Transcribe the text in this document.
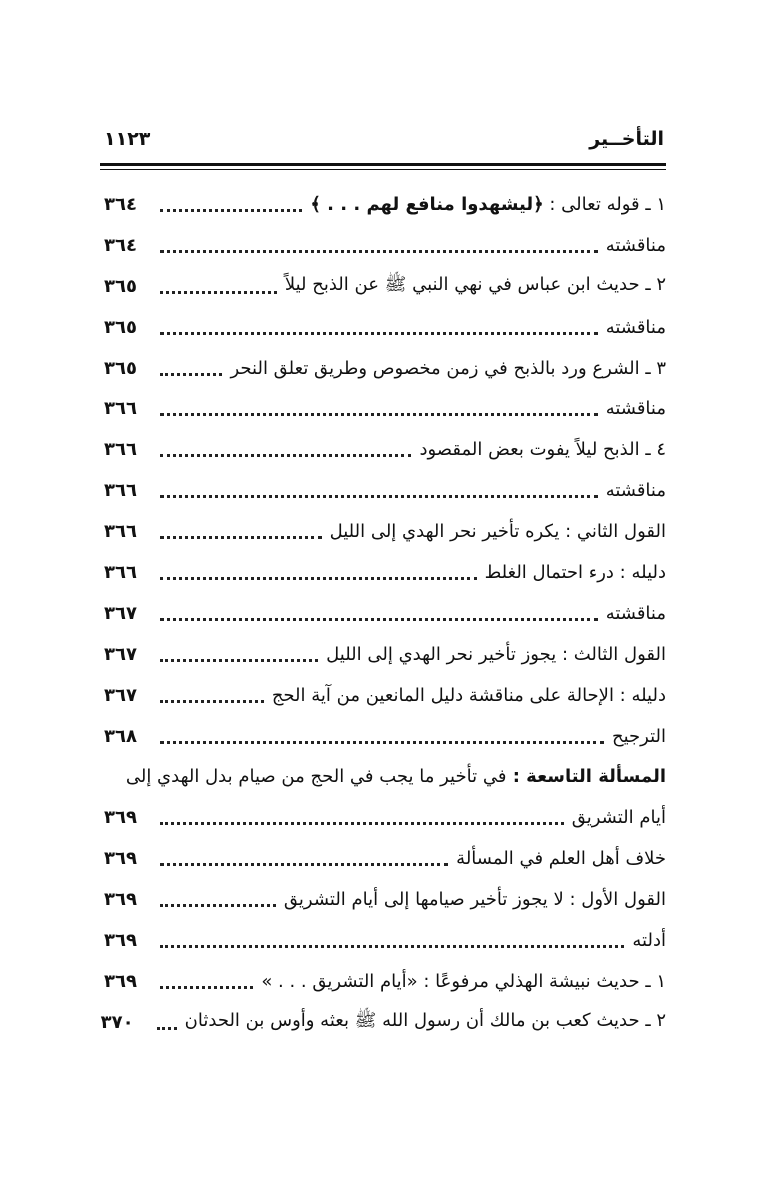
التأخــير
١١٢٣
١ ـ قوله تعالى : ﴿ليشهدوا منافع لهم . . . ﴾
٣٦٤
مناقشته
٣٦٤
٢ ـ حديث ابن عباس في نهي النبي ﷺ عن الذبح ليلاً
٣٦٥
مناقشته
٣٦٥
٣ ـ الشرع ورد بالذبح في زمن مخصوص وطريق تعلق النحر
٣٦٥
مناقشته
٣٦٦
٤ ـ الذبح ليلاً يفوت بعض المقصود
٣٦٦
مناقشته
٣٦٦
القول الثاني : يكره تأخير نحر الهدي إلى الليل
٣٦٦
دليله : درء احتمال الغلط
٣٦٦
مناقشته
٣٦٧
القول الثالث : يجوز تأخير نحر الهدي إلى الليل
٣٦٧
دليله : الإحالة على مناقشة دليل المانعين من آية الحج
٣٦٧
الترجيح
٣٦٨
المسألة التاسعة : في تأخير ما يجب في الحج من صيام بدل الهدي إلى
أيام التشريق
٣٦٩
خلاف أهل العلم في المسألة
٣٦٩
القول الأول : لا يجوز تأخير صيامها إلى أيام التشريق
٣٦٩
أدلته
٣٦٩
١ ـ حديث نبيشة الهذلي مرفوعًا : «أيام التشريق . . . »
٣٦٩
٢ ـ حديث كعب بن مالك أن رسول الله ﷺ بعثه وأوس بن الحدثان
٣٧٠
